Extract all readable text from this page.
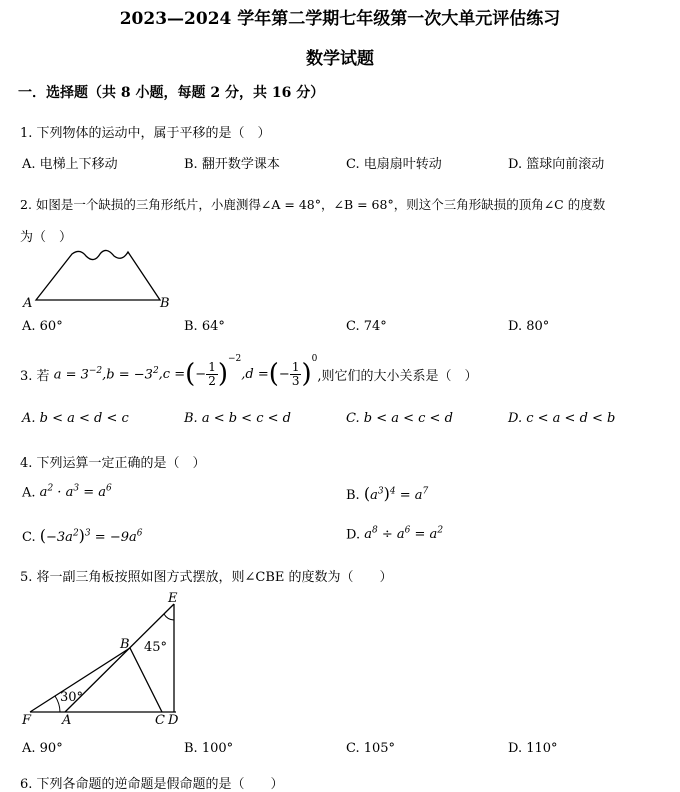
2023—2024 学年第二学期七年级第一次大单元评估练习
数学试题
一．选择题（共 8 小题，每题 2 分，共 16 分）
1. 下列物体的运动中，属于平移的是（　）
A. 电梯上下移动	B. 翻开数学课本	C. 电扇扇叶转动	D. 篮球向前滚动
2. 如图是一个缺损的三角形纸片，小鹿测得∠A = 48°，∠B = 68°，则这个三角形缺损的顶角∠C 的度数
为（　）
A	B
A. 60°	B. 64°	C. 74°	D. 80°
3. 若
$a = 3^{-2}$ $,b = -3^2$ ,c = ( − $\frac{1}{2} )^{-2}$
,d = ( − $\frac{1}{3} )^0$
,则它们的大小关系是（　）
A. b < a < d < c	B. a < b < c < d	C. b < a < c < d	D. c < a < d < b
4. 下列运算一定正确的是（　）
A. $a^2 \cdot a^3 = a^6$	B. $(a^3)^4 = a^7$
C. $(-3a^2)^3 = -9a^6$	D. $a^8 \div a^6 = a^2$
5. 将一副三角板按照如图方式摆放，则∠CBE 的度数为（　　）
E
B 45°
30°
F A	C D
A. 90°	B. 100°	C. 105°	D. 110°
6. 下列各命题的逆命题是假命题的是（　　）
